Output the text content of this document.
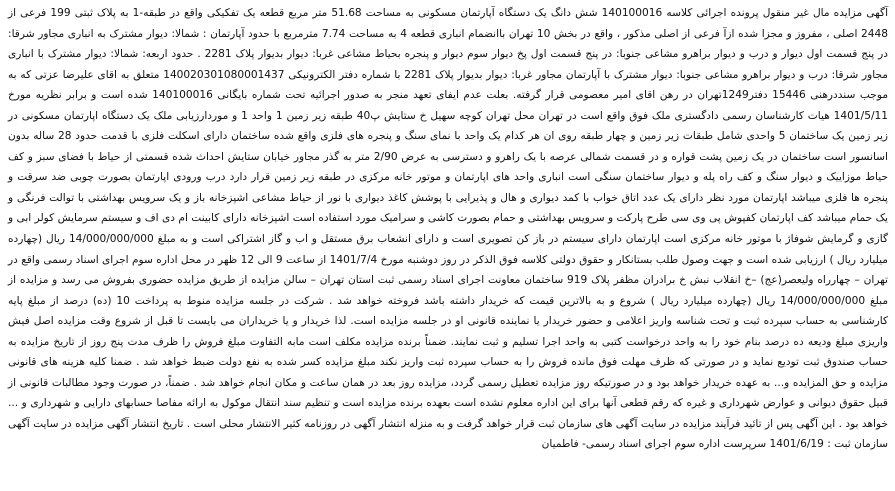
آگهی مزایده مال غیر منقول پرونده اجرائی کلاسه 140100016 شش دانگ یک دستگاه آپارتمان مسکونی به مساحت 51.68 متر مربع قطعه یک تفکیکی واقع در طبقه-1 به پلاک ثبتی 199 فرعی از 2448 اصلی ، مفروز و مجزا شده ازآ فرعی از اصلی مذکور ، واقع در بخش 10 تهران باانضمام انباری قطعه 4 به مساحت 7.74 مترمربع با حدود آپارتمان : شمالا: دیوار مشترک به انباری مجاور شرقا: در پنج قسمت اول دیوار و درب و دیوار براهرو مشاعی جنوبا: در پنج قسمت اول پخ دیوار سوم دیوار و پنجره بحیاط مشاعی غربا: دیوار بدیوار پلاک 2281 . حدود اربعه: شمالا: دیوار مشترک با انباری مجاور شرقا: درب و دیوار براهرو مشاعی جنوبا: دیوار مشترک با آپارتمان مجاور غربا: دیوار بدیوار پلاک 2281 با شماره دفتر الکترونیکی 140020301080001437 متعلق به اقای علیرضا عزتی که به موجب سنددرهنی 15446 دفتر1249تهران در رهن اقای امیر معصومی قرار گرفته. بعلت عدم ایفای تعهد منجر به صدور اجرائیه تحت شماره بایگانی 140100016 شده است و برابر نظریه مورخ 1401/5/11 هیات کارشناسان رسمی دادگستری ملک فوق واقع است در تهران محل تهران کوچه سهیل خ ستایش پ40 طبقه زیر زمین 1 واحد 1 و موردارزیابی ملک یک دستگاه اپارتمان مسکونی در زیر زمین یک ساختمان 5 واحدی شامل طبقات زیر زمین و چهار طبقه روی ان هر کدام یک واحد با نمای سنگ و پنجره های فلزی واقع شده ساختمان دارای اسکلت فلزی با قدمت حدود 28 ساله بدون اسانسور است ساختمان در یک زمین پشت قواره و در قسمت شمالی عرصه با یک راهرو و دسترسی به عرض 2/90 متر به گذر مجاور خیابان ستایش احداث شده قسمتی از حیاط با فضای سبز و کف حیاط موزاییک و دیوار سنگ و کف راه پله و دیوار ساختمان سنگی است انباری واحد های اپارتمان و موتور خانه مرکزی در طبقه زیر زمین قرار دارد درب ورودی اپارتمان بصورت چوبی ضد سرقت و پنجره ها فلزی میباشد اپارتمان مورد نظر دارای یک عدد اتاق خواب با کمد دیواری و هال و پذیرایی با پوشش کاغذ دیواری با نور از حیاط مشاعی اشپزخانه باز و یک سرویس بهداشتی با توالت فرنگی و یک حمام میباشد کف اپارتمان کفپوش پی وی سی طرح پارکت و سرویس بهداشتی و حمام بصورت کاشی و سرامیک مورد استفاده است اشپزخانه دارای کابینت ام دی اف و سیستم سرمایش کولر ابی و گازی و گرمایش شوفاژ با موتور خانه مرکزی است اپارتمان دارای سیستم در باز کن تصویری است و دارای انشعاب برق مستقل و اب و گاز اشتراکی است و به مبلغ 14/000/000/000 ریال (چهارده میلیارد ریال ) ارزیابی شده است و جهت وصول طلب بستانکار و حقوق دولتی کلاسه فوق الذکر در روز دوشنبه مورخ 1401/7/4 از ساعت 9 الی 12 ظهر در محل اداره سوم اجرای اسناد رسمی واقع در تهران – چهارراه ولیعصر(عج) –خ انقلاب نبش خ برادران مظفر پلاک 919 ساختمان معاونت اجرای اسناد رسمی ثبت استان تهران – سالن مزایده از طریق مزایده حضوری بفروش می رسد و مزایده از مبلغ 14/000/000/000 ریال (چهارده میلیارد ریال ) شروع و به بالاترین قیمت که خریدار داشته باشد فروخته خواهد شد . شرکت در جلسه مزایده منوط به پرداخت 10 (ده) درصد از مبلغ پایه کارشناسی به حساب سپرده ثبت و تحت شناسه واریز اعلامی و حضور خریدار یا نماینده قانونی او در جلسه مزایده است. لذا خریدار و یا خریداران می بایست تا قبل از شروع وقت مزایده اصل فیش واریزی مبلغ ودیعه ده درصد بنام خود را به واحد درخواست کتبی به واحد اجرا تسلیم و ثبت نمایند. ضمناً برنده مزایده مکلف است مابه التفاوت مبلغ فروش را ظرف مدت پنج روز از تاریخ مزایده به حساب صندوق ثبت تودیع نماید و در صورتی که ظرف مهلت فوق مانده فروش را به حساب سپرده ثبت واریز نکند مبلغ مزایده کسر شده به نفع دولت ضبط خواهد شد . ضمنا کلیه هزینه های قانونی مزایده و حق المزایده و... به عهده خریدار خواهد بود و در صورتیکه روز مزایده تعطیل رسمی گردد، مزایده روز بعد در همان ساعت و مکان انجام خواهد شد . ضمناً، در صورت وجود مطالبات قانونی از قبیل حقوق دیوانی و عوارض شهرداری و غیره که رقم قطعی آنها برای این اداره معلوم نشده است بعهده برنده مزایده است و تنظیم سند انتقال موکول به ارائه مفاصا حسابهای دارایی و شهرداری و ... خواهد بود . این آگهی پس از تائید فرآیند مزایده در سایت آگهی های سازمان ثبت قرار خواهد گرفت و به منزله انتشار آگهی در روزنامه کثیر الانتشار محلی است . تاریخ انتشار آگهی مزایده در سایت آگهی سازمان ثبت : 1401/6/19 سرپرست اداره سوم اجرای اسناد رسمی- فاطمیان
